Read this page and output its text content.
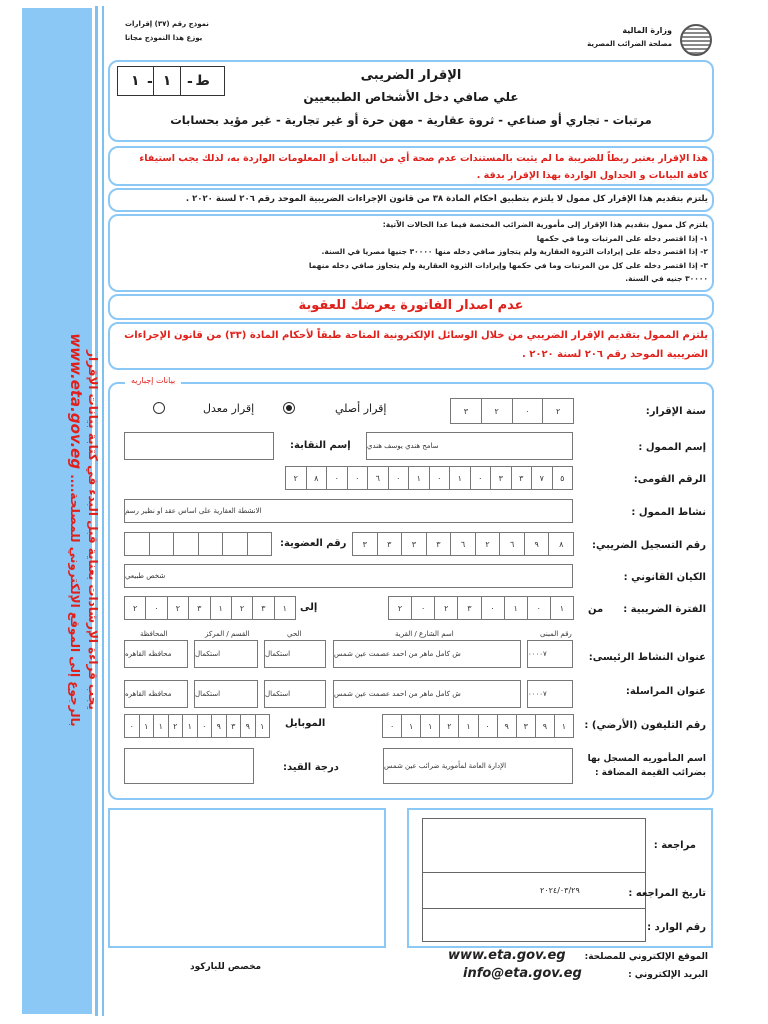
يجب قراءة الإرشادات بعناية قبل البدء في كتابة بيانات الإقرار
بالرجوع إلى الموقع الإلكتروني للمصلحة.... www.eta.gov.eg
وزارة المالية
مصلحة الضرائب المصرية
نموذج رقم (٣٧) إقرارات
يوزع هذا النموذج مجانا
ط
١
١	-
-	الإقرار الضريبى
علي صافي دخل الأشخاص الطبيعيين
مرتبات - تجاري أو صناعي - ثروة عقارية - مهن حرة أو غير تجارية - غير مؤيد بحسابات
هذا الإقرار يعتبر ربطاً للضريبة ما لم يثبت بالمستندات عدم صحة أي من البيانات أو المعلومات الواردة به، لذلك يجب استيفاء كافة البيانات و الجداول الواردة بهذا الإقرار بدقة .
يلتزم بتقديم هذا الإقرار كل ممول لا يلتزم بتطبيق أحكام المادة ٣٨ من قانون الإجراءات الضريبية الموحد رقم ٢٠٦ لسنة ٢٠٢٠ .
يلتزم كل ممول بتقديم هذا الإقرار إلى مأمورية الضرائب المختصة فيما عدا الحالات الآتية:
١- إذا اقتصر دخله على المرتبات وما في حكمها
٢- إذا اقتصر دخله على إيرادات الثروة العقارية ولم يتجاوز صافي دخله منها ٣٠٠٠٠ جنيها مصريا في السنة.
٣- إذا اقتصر دخله على كل من المرتبات وما في حكمها وإيرادات الثروة العقارية ولم يتجاوز صافي دخله منهما
٣٠٠٠٠ جنيه في السنة.
عدم اصدار الفاتورة يعرضك للعقوبة
يلتزم الممول بتقديم الإقرار الضريبي من خلال الوسائل الإلكترونية المتاحة طبقاً لأحكام المادة (٣٣) من قانون الإجراءات الضريبية الموحد رقم ٢٠٦ لسنة ٢٠٢٠ .
بيانات إجباريه
سنة الإقرار:
٢
٠
٢
٣
إقرار أصلي
إقرار معدل
إسم الممول :
سامح هندي يوسف هندي
إسم النقابة:
الرقم القومى:
٥
٧
٣
٣
٠
١
٠
١
٠
٦
٠
٠
٨
٢
نشاط الممول :
الانشطة العقارية على اساس عقد او نظير رسم
رقم التسجيل الضريبي:
٨
٩
٦
٢
٦
٣
٣
٣
٣
رقم العضوية:
الكيان القانوني :
شخص طبيعي
الفترة الضريبية :
من
١
٠
١
٠
٣
٢
٠
٢
إلى
١
٣
٢
١
٣
٢
٠
٢
رقم المبنى
اسم الشارع / القرية
الحي
القسم / المركز
المحافظة
عنوان النشاط الرئيسى:
٠٠٠٠٧
ش كامل ماهر من احمد عصمت عين شمس
استكمال
استكمال
محافظه القاهره
عنوان المراسلة:
٠٠٠٠٧
ش كامل ماهر من احمد عصمت عين شمس
استكمال
استكمال
محافظه القاهره
رقم التليفون (الأرضي) :
١
٩
٣
٩
٠
١
٢
١
١
٠
الموبايل
١
٩
٣
٩
٠
١
٢
١
١
٠
اسم المأموريه المسجل بها
بضرائب القيمة المضافة :
الإدارة العامة لمأمورية ضرائب عين شمس
درجة القيد:
مراجعة :
تاريخ المراجعه :
٢٠٢٤/٠٣/٢٩
رقم الوارد :
الموقع الإلكتروني للمصلحة:
www.eta.gov.eg
البريد الإلكتروني :
info@eta.gov.eg
مخصص للباركود
